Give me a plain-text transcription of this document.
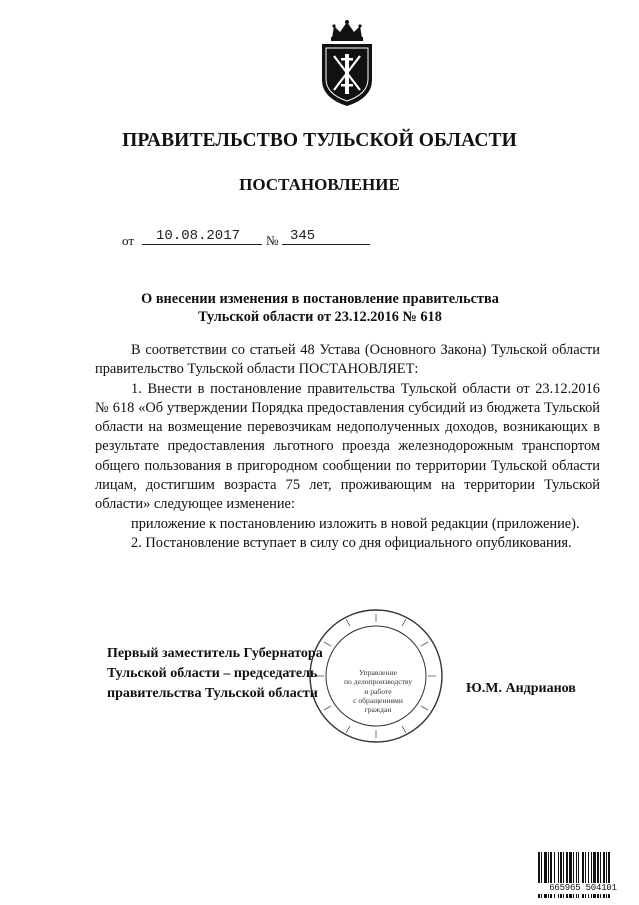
ПРАВИТЕЛЬСТВО ТУЛЬСКОЙ ОБЛАСТИ
ПОСТАНОВЛЕНИЕ
от 10.08.2017 № 345
О внесении изменения в постановление правительства
Тульской области от 23.12.2016 № 618

В соответствии со статьей 48 Устава (Основного Закона) Тульской области правительство Тульской области ПОСТАНОВЛЯЕТ:

1. Внести в постановление правительства Тульской области от 23.12.2016 № 618 «Об утверждении Порядка предоставления субсидий из бюджета Тульской области на возмещение перевозчикам недополученных доходов, возникающих в результате предоставления льготного проезда железнодорожным транспортом общего пользования в пригородном сообщении по территории Тульской области лицам, достигшим возраста 75 лет, проживающим на территории Тульской области» следующее изменение:

приложение к постановлению изложить в новой редакции (приложение).

2. Постановление вступает в силу со дня официального опубликования.

Управление
по делопроизводству
и работе
с обращениями
граждан
Первый заместитель Губернатора
Тульской области – председатель
правительства Тульской области	Ю.М. Андрианов
665965 504101
